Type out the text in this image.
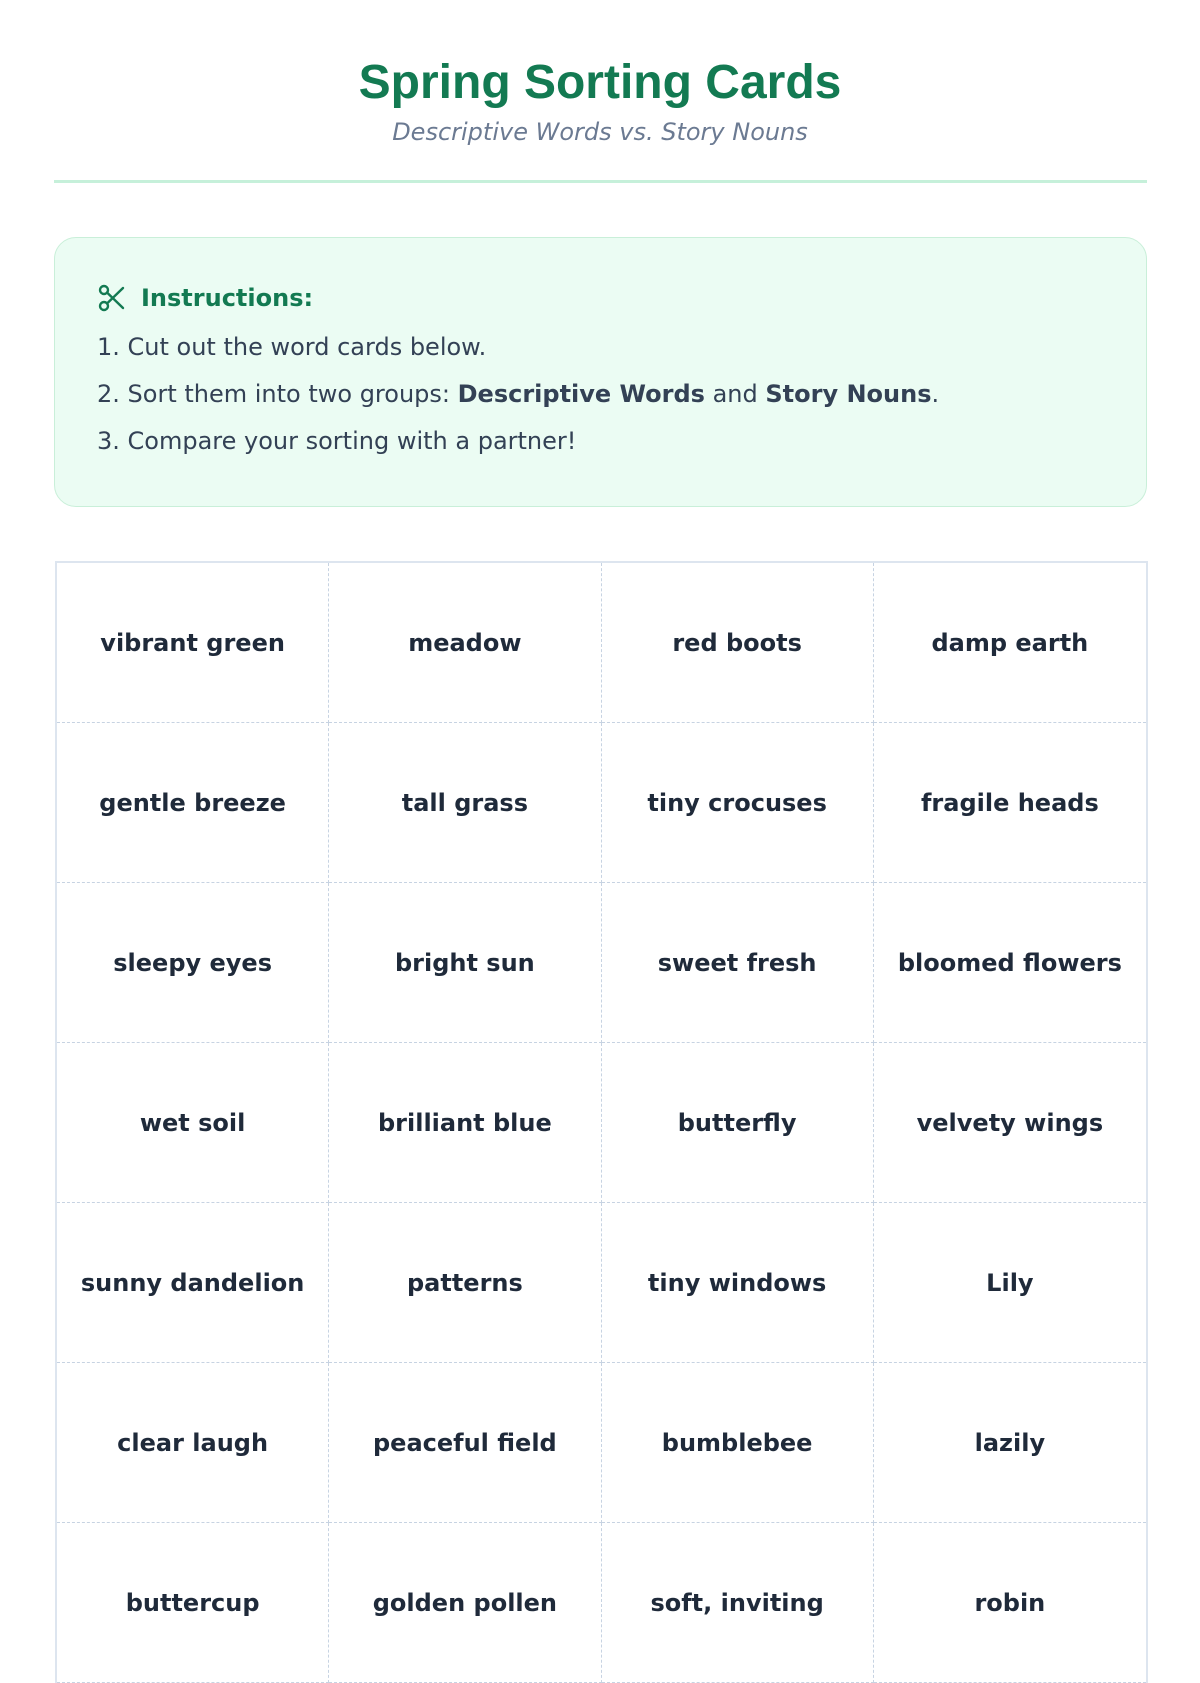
Spring Sorting Cards

Descriptive Words vs. Story Nouns

Instructions:
1. Cut out the word cards below.
2. Sort them into two groups: Descriptive Words and Story Nouns.
3. Compare your sorting with a partner!
vibrant green	meadow	red boots	damp earth
gentle breeze	tall grass	tiny crocuses	fragile heads
sleepy eyes	bright sun	sweet fresh	bloomed flowers
wet soil	brilliant blue	butterfly	velvety wings
sunny dandelion	patterns	tiny windows	Lily
clear laugh	peaceful field	bumblebee	lazily
buttercup	golden pollen	soft, inviting	robin
